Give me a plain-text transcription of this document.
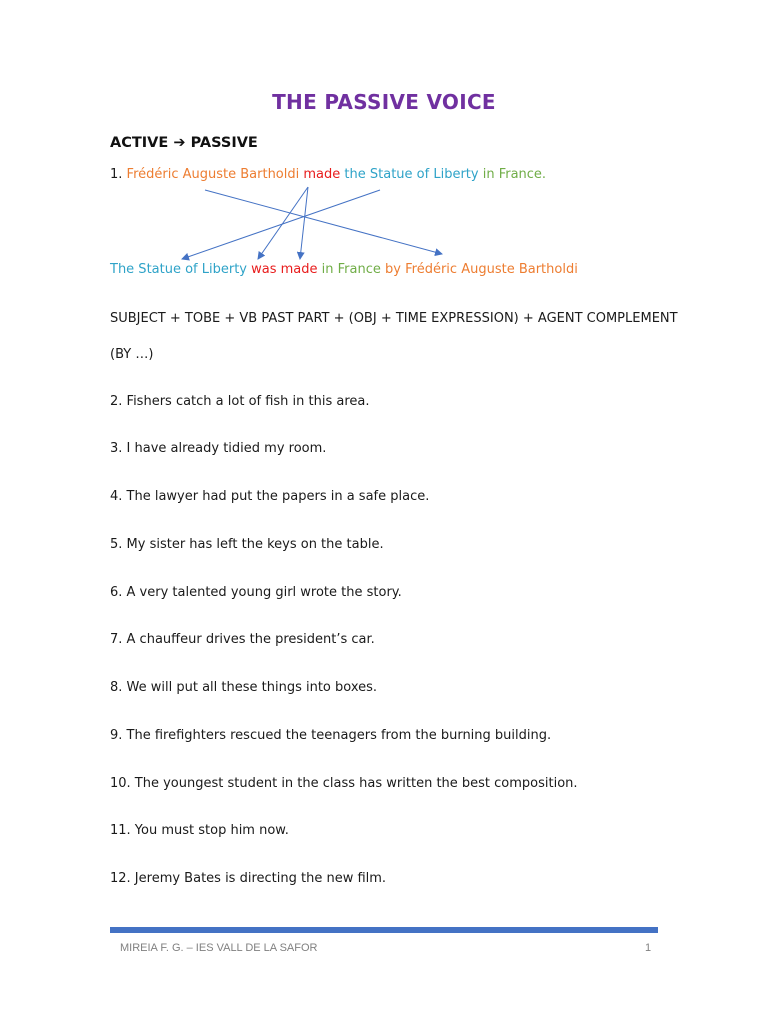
THE PASSIVE VOICE
ACTIVE ➔ PASSIVE
1. Frédéric Auguste Bartholdi made the Statue of Liberty in France.
The Statue of Liberty was made in France by Frédéric Auguste Bartholdi
SUBJECT + TOBE + VB PAST PART + (OBJ + TIME EXPRESSION) + AGENT COMPLEMENT
(BY …)
2. Fishers catch a lot of fish in this area.
3. I have already tidied my room.
4. The lawyer had put the papers in a safe place.
5. My sister has left the keys on the table.
6. A very talented young girl wrote the story.
7. A chauffeur drives the president’s car.
8. We will put all these things into boxes.
9. The firefighters rescued the teenagers from the burning building.
10. The youngest student in the class has written the best composition.
11. You must stop him now.
12. Jeremy Bates is directing the new film.
MIREIA F. G. – IES VALL DE LA SAFOR	1
